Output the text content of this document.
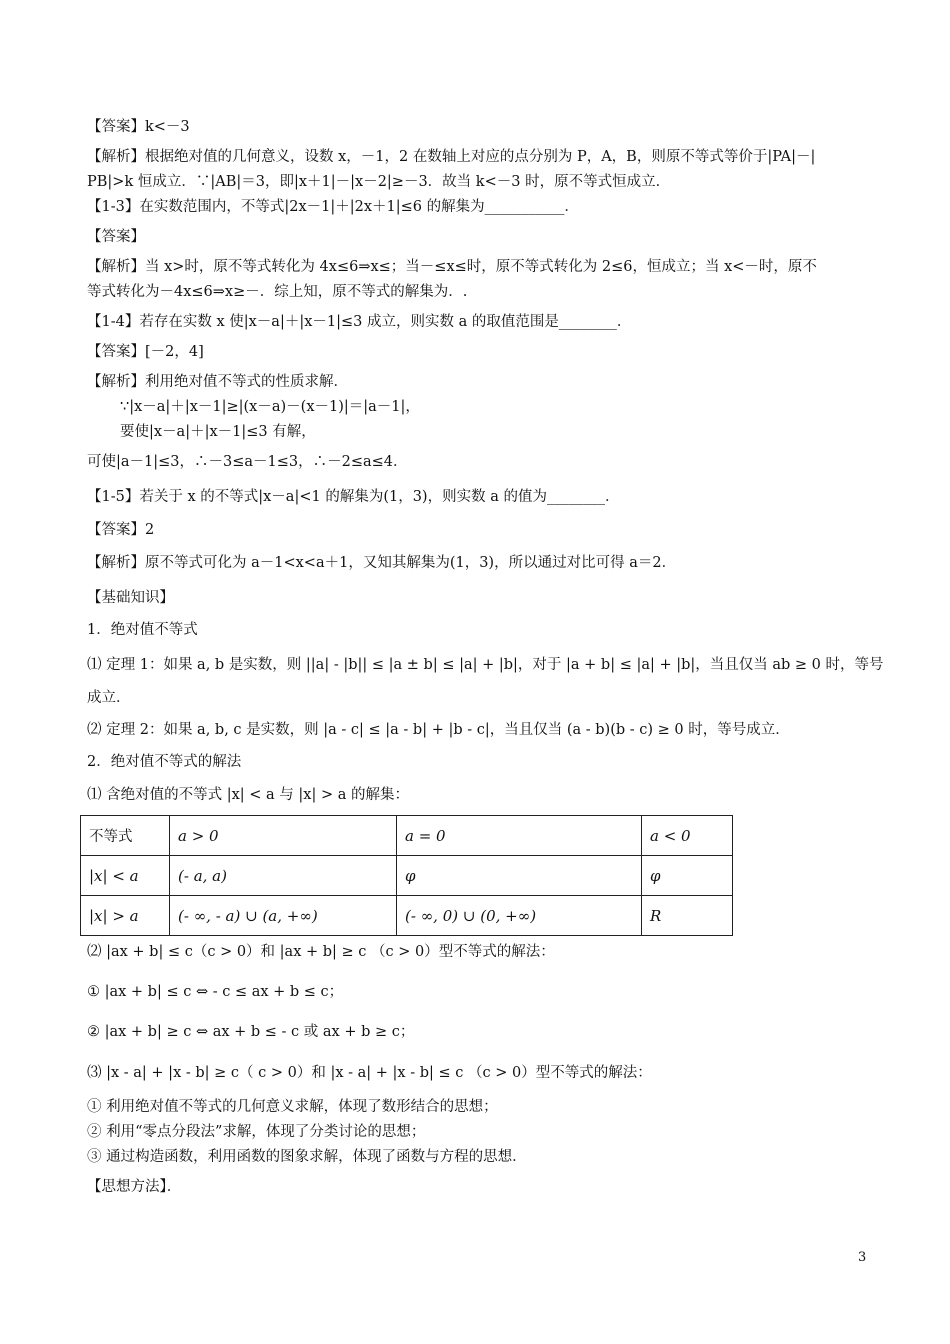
【答案】k<－3
【解析】根据绝对值的几何意义，设数 x，－1，2 在数轴上对应的点分别为 P，A，B，则原不等式等价于|PA|－|
PB|>k 恒成立．∵|AB|＝3，即|x＋1|－|x－2|≥－3．故当 k<－3 时，原不等式恒成立．
【1-3】在实数范围内，不等式|2x－1|＋|2x＋1|≤6 的解集为___________．
【答案】
【解析】当 x>时，原不等式转化为 4x≤6⇒x≤；当－≤x≤时，原不等式转化为 2≤6，恒成立；当 x<－时，原不
等式转化为－4x≤6⇒x≥－．综上知，原不等式的解集为．.
【1-4】若存在实数 x 使|x－a|＋|x－1|≤3 成立，则实数 a 的取值范围是________．
【答案】[－2，4]
【解析】利用绝对值不等式的性质求解．
∵|x－a|＋|x－1|≥|(x－a)－(x－1)|＝|a－1|，
要使|x－a|＋|x－1|≤3 有解，
可使|a－1|≤3，∴－3≤a－1≤3，∴－2≤a≤4．
【1-5】若关于 x 的不等式|x－a|<1 的解集为(1，3)，则实数 a 的值为________．
【答案】2
【解析】原不等式可化为 a－1<x<a＋1，又知其解集为(1，3)，所以通过对比可得 a＝2．
【基础知识】
1．绝对值不等式
⑴ 定理 1：如果 a, b 是实数，则 ||a| - |b|| ≤ |a ± b| ≤ |a| + |b|，对于 |a + b| ≤ |a| + |b|，当且仅当 ab ≥ 0 时，等号
成立．
⑵ 定理 2：如果 a, b, c 是实数，则 |a - c| ≤ |a - b| + |b - c|，当且仅当 (a - b)(b - c) ≥ 0 时，等号成立．
2．绝对值不等式的解法
⑴ 含绝对值的不等式 |x| < a 与 |x| > a 的解集：
不等式	a > 0	a = 0	a < 0
|x| < a	(- a, a)	φ	φ
|x| > a	(- ∞, - a) ∪ (a, +∞)	(- ∞, 0) ∪ (0, +∞)	R
⑵ |ax + b| ≤ c（c > 0）和 |ax + b| ≥ c （c > 0）型不等式的解法：
① |ax + b| ≤ c ⇔ - c ≤ ax + b ≤ c；
② |ax + b| ≥ c ⇔ ax + b ≤ - c 或 ax + b ≥ c；
⑶ |x - a| + |x - b| ≥ c（ c > 0）和 |x - a| + |x - b| ≤ c （c > 0）型不等式的解法：
① 利用绝对值不等式的几何意义求解，体现了数形结合的思想；
② 利用“零点分段法”求解，体现了分类讨论的思想；
③ 通过构造函数，利用函数的图象求解，体现了函数与方程的思想．
【思想方法】．
3
